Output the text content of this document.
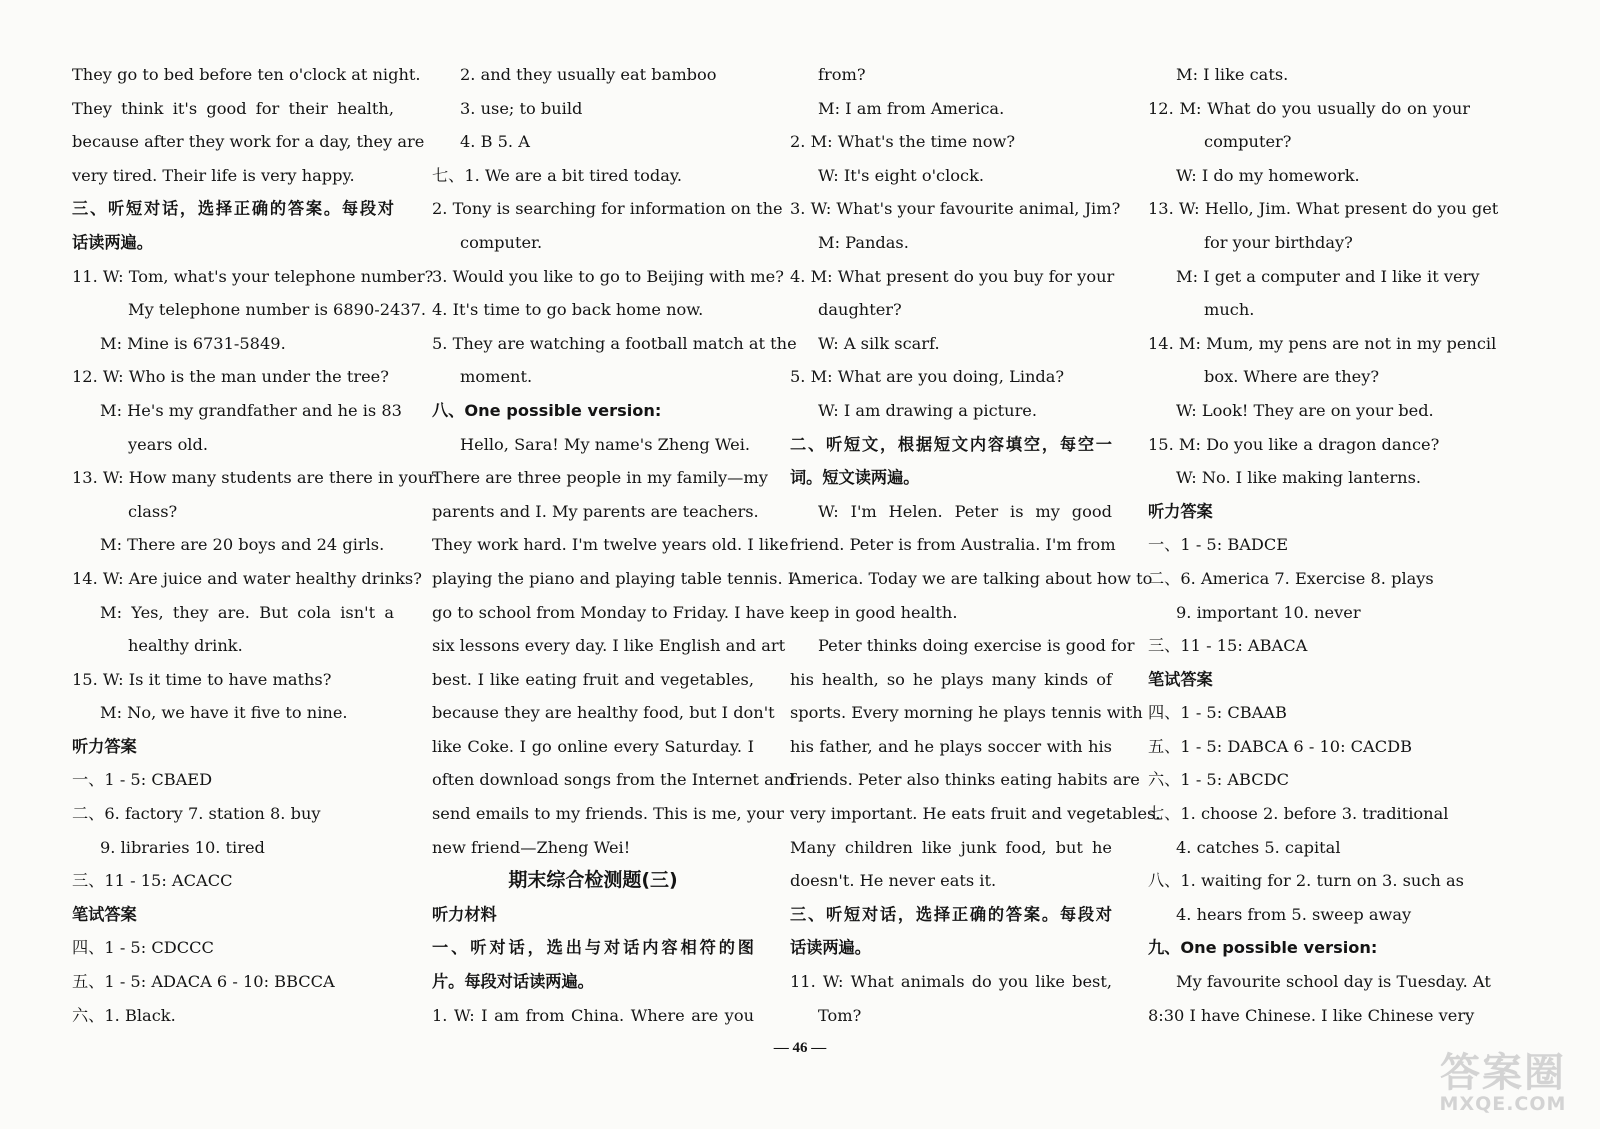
They go to bed before ten o'clock at night.
They think it's good for their health,
because after they work for a day, they are
very tired. Their life is very happy.
三、听短对话，选择正确的答案。每段对
话读两遍。
11. W: Tom, what's your telephone number?
My telephone number is 6890-2437.
M: Mine is 6731-5849.
12. W: Who is the man under the tree?
M: He's my grandfather and he is 83
years old.
13. W: How many students are there in your
class?
M: There are 20 boys and 24 girls.
14. W: Are juice and water healthy drinks?
M: Yes, they are. But cola isn't a
healthy drink.
15. W: Is it time to have maths?
M: No, we have it five to nine.
听力答案
一、1 - 5: CBAED
二、6. factory 7. station 8. buy
9. libraries 10. tired
三、11 - 15: ACACC
笔试答案
四、1 - 5: CDCCC
五、1 - 5: ADACA 6 - 10: BBCCA
六、1. Black.
2. and they usually eat bamboo
3. use; to build
4. B 5. A
七、1. We are a bit tired today.
2. Tony is searching for information on the
computer.
3. Would you like to go to Beijing with me?
4. It's time to go back home now.
5. They are watching a football match at the
moment.
八、One possible version:
Hello, Sara! My name's Zheng Wei.
There are three people in my family—my
parents and I. My parents are teachers.
They work hard. I'm twelve years old. I like
playing the piano and playing table tennis. I
go to school from Monday to Friday. I have
six lessons every day. I like English and art
best. I like eating fruit and vegetables,
because they are healthy food, but I don't
like Coke. I go online every Saturday. I
often download songs from the Internet and
send emails to my friends. This is me, your
new friend—Zheng Wei!
期末综合检测题(三)
听力材料
一、听对话，选出与对话内容相符的图
片。每段对话读两遍。
1. W: I am from China. Where are you
from?
M: I am from America.
2. M: What's the time now?
W: It's eight o'clock.
3. W: What's your favourite animal, Jim?
M: Pandas.
4. M: What present do you buy for your
daughter?
W: A silk scarf.
5. M: What are you doing, Linda?
W: I am drawing a picture.
二、听短文，根据短文内容填空，每空一
词。短文读两遍。
W: I'm Helen. Peter is my good
friend. Peter is from Australia. I'm from
America. Today we are talking about how to
keep in good health.
Peter thinks doing exercise is good for
his health, so he plays many kinds of
sports. Every morning he plays tennis with
his father, and he plays soccer with his
friends. Peter also thinks eating habits are
very important. He eats fruit and vegetables.
Many children like junk food, but he
doesn't. He never eats it.
三、听短对话，选择正确的答案。每段对
话读两遍。
11. W: What animals do you like best,
Tom?
M: I like cats.
12. M: What do you usually do on your
computer?
W: I do my homework.
13. W: Hello, Jim. What present do you get
for your birthday?
M: I get a computer and I like it very
much.
14. M: Mum, my pens are not in my pencil
box. Where are they?
W: Look! They are on your bed.
15. M: Do you like a dragon dance?
W: No. I like making lanterns.
听力答案
一、1 - 5: BADCE
二、6. America 7. Exercise 8. plays
9. important 10. never
三、11 - 15: ABACA
笔试答案
四、1 - 5: CBAAB
五、1 - 5: DABCA 6 - 10: CACDB
六、1 - 5: ABCDC
七、1. choose 2. before 3. traditional
4. catches 5. capital
八、1. waiting for 2. turn on 3. such as
4. hears from 5. sweep away
九、One possible version:
My favourite school day is Tuesday. At
8:30 I have Chinese. I like Chinese very
— 46 —
答案圈
MXQE.COM
